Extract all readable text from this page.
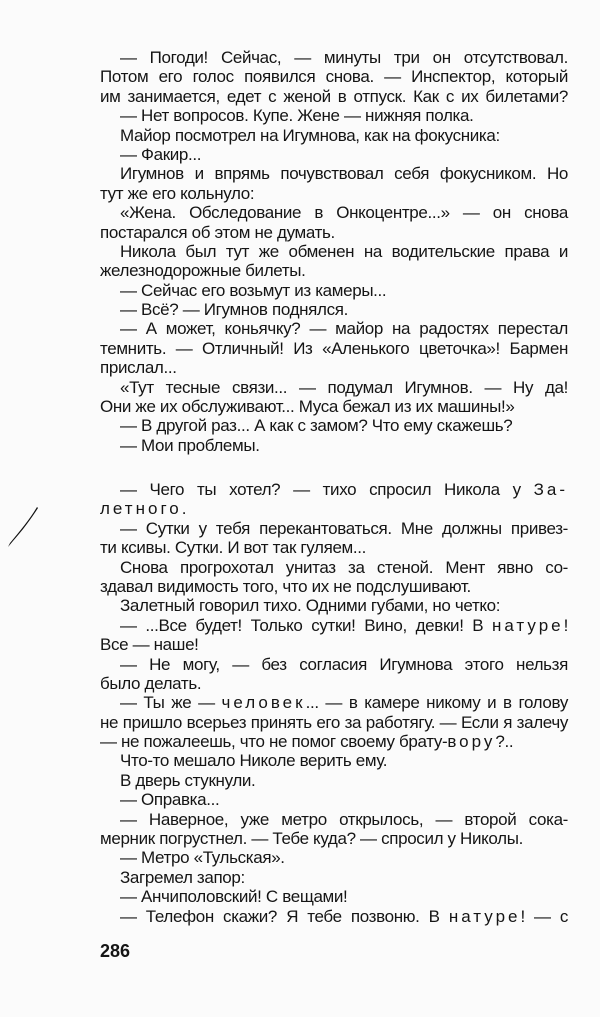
— Погоди! Сейчас, — минуты три он отсутствовал.
Потом его голос появился снова. — Инспектор, который
им занимается, едет с женой в отпуск. Как с их билетами?
— Нет вопросов. Купе. Жене — нижняя полка.
Майор посмотрел на Игумнова, как на фокусника:
— Факир...
Игумнов и впрямь почувствовал себя фокусником. Но
тут же его кольнуло:
«Жена. Обследование в Онкоцентре...» — он снова
постарался об этом не думать.
Никола был тут же обменен на водительские права и
железнодорожные билеты.
— Сейчас его возьмут из камеры...
— Всё? — Игумнов поднялся.
— А может, коньячку? — майор на радостях перестал
темнить. — Отличный! Из «Аленького цветочка»! Бармен
прислал...
«Тут тесные связи... — подумал Игумнов. — Ну да!
Они же их обслуживают... Муса бежал из их машины!»
— В другой раз... А как с замом? Что ему скажешь?
— Мои проблемы.
— Чего ты хотел? — тихо спросил Никола у За-
летного.
— Сутки у тебя перекантоваться. Мне должны привез-
ти ксивы. Сутки. И вот так гуляем...
Снова прогрохотал унитаз за стеной. Мент явно со-
здавал видимость того, что их не подслушивают.
Залетный говорил тихо. Одними губами, но четко:
— ...Все будет! Только сутки! Вино, девки! В натуре!
Все — наше!
— Не могу, — без согласия Игумнова этого нельзя
было делать.
— Ты же — человек... — в камере никому и в голову
не пришло всерьез принять его за работягу. — Если я залечу
— не пожалеешь, что не помог своему брату-вору?..
Что-то мешало Николе верить ему.
В дверь стукнули.
— Оправка...
— Наверное, уже метро открылось, — второй сока-
мерник погрустнел. — Тебе куда? — спросил у Николы.
— Метро «Тульская».
Загремел запор:
— Анчиполовский! С вещами!
— Телефон скажи? Я тебе позвоню. В натуре! — с
286
